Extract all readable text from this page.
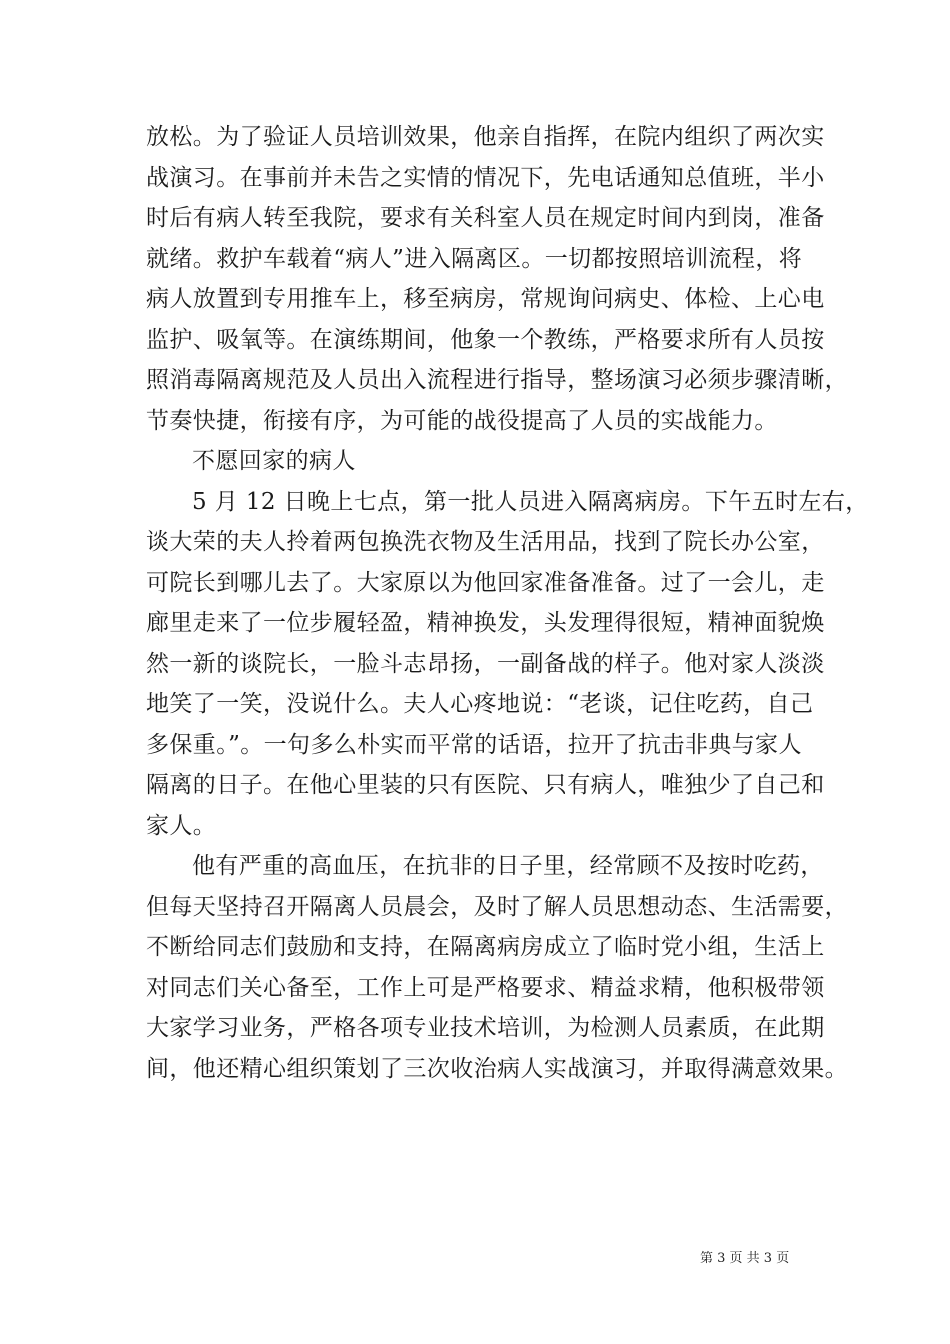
放松。为了验证人员培训效果，他亲自指挥，在院内组织了两次实
战演习。在事前并未告之实情的情况下，先电话通知总值班，半小
时后有病人转至我院，要求有关科室人员在规定时间内到岗，准备
就绪。救护车载着“病人”进入隔离区。一切都按照培训流程，将
病人放置到专用推车上，移至病房，常规询问病史、体检、上心电
监护、吸氧等。在演练期间，他象一个教练，严格要求所有人员按
照消毒隔离规范及人员出入流程进行指导，整场演习必须步骤清晰，
节奏快捷，衔接有序，为可能的战役提高了人员的实战能力。
不愿回家的病人
5 月 12 日晚上七点，第一批人员进入隔离病房。下午五时左右，
谈大荣的夫人拎着两包换洗衣物及生活用品，找到了院长办公室，
可院长到哪儿去了。大家原以为他回家准备准备。过了一会儿，走
廊里走来了一位步履轻盈，精神换发，头发理得很短，精神面貌焕
然一新的谈院长，一脸斗志昂扬，一副备战的样子。他对家人淡淡
地笑了一笑，没说什么。夫人心疼地说：“老谈，记住吃药，自己
多保重。”。一句多么朴实而平常的话语，拉开了抗击非典与家人
隔离的日子。在他心里装的只有医院、只有病人，唯独少了自己和
家人。
他有严重的高血压，在抗非的日子里，经常顾不及按时吃药，
但每天坚持召开隔离人员晨会，及时了解人员思想动态、生活需要，
不断给同志们鼓励和支持，在隔离病房成立了临时党小组，生活上
对同志们关心备至，工作上可是严格要求、精益求精，他积极带领
大家学习业务，严格各项专业技术培训，为检测人员素质，在此期
间，他还精心组织策划了三次收治病人实战演习，并取得满意效果。
第 3 页 共 3 页
